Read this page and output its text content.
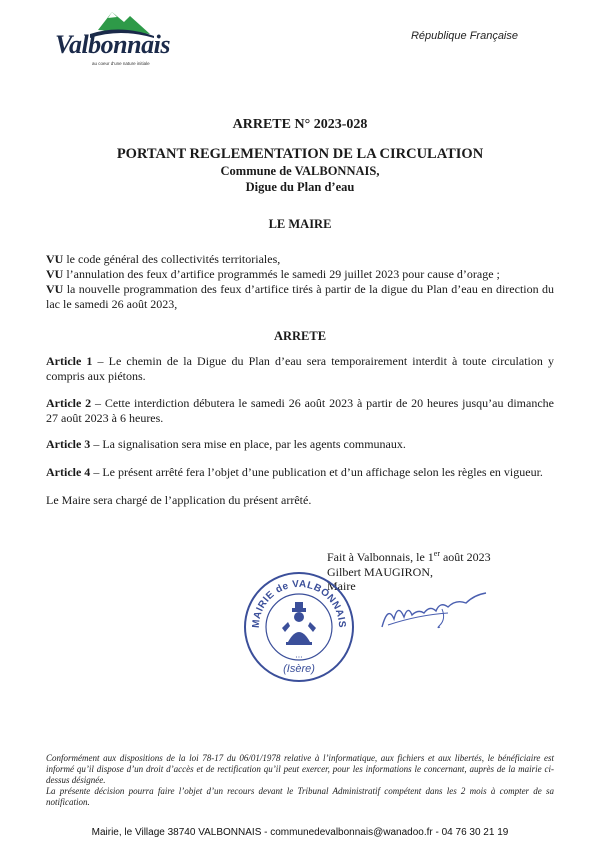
Valbonnais
au coeur d'une nature initiale
République Française
ARRETE N° 2023-028
PORTANT REGLEMENTATION DE LA CIRCULATION
Commune de VALBONNAIS,
Digue du Plan d’eau
LE MAIRE
VU le code général des collectivités territoriales,
VU l’annulation des feux d’artifice programmés le samedi 29 juillet 2023 pour cause d’orage ;
VU la nouvelle programmation des feux d’artifice tirés à partir de la digue du Plan d’eau en direction du lac le samedi 26 août 2023,
ARRETE
Article 1 – Le chemin de la Digue du Plan d’eau sera temporairement interdit à toute circulation y compris aux piétons.
Article 2 – Cette interdiction débutera le samedi 26 août 2023 à partir de 20 heures jusqu’au dimanche 27 août 2023 à 6 heures.
Article 3 – La signalisation sera mise en place, par les agents communaux.
Article 4 – Le présent arrêté fera l’objet d’une publication et d’un affichage selon les règles en vigueur.
Le Maire sera chargé de l’application du présent arrêté.
Fait à Valbonnais, le 1er août 2023
Gilbert MAUGIRON,
Maire
MAIRIE de VALBONNAIS
• • •
(Isère)
Conformément aux dispositions de la loi 78-17 du 06/01/1978 relative à l’informatique, aux fichiers et aux libertés, le bénéficiaire est informé qu’il dispose d’un droit d’accès et de rectification qu’il peut exercer, pour les informations le concernant, auprès de la mairie ci-dessus désignée.
La présente décision pourra faire l’objet d’un recours devant le Tribunal Administratif compétent dans les 2 mois à compter de sa notification.
Mairie, le Village 38740 VALBONNAIS - communedevalbonnais@wanadoo.fr - 04 76 30 21 19
